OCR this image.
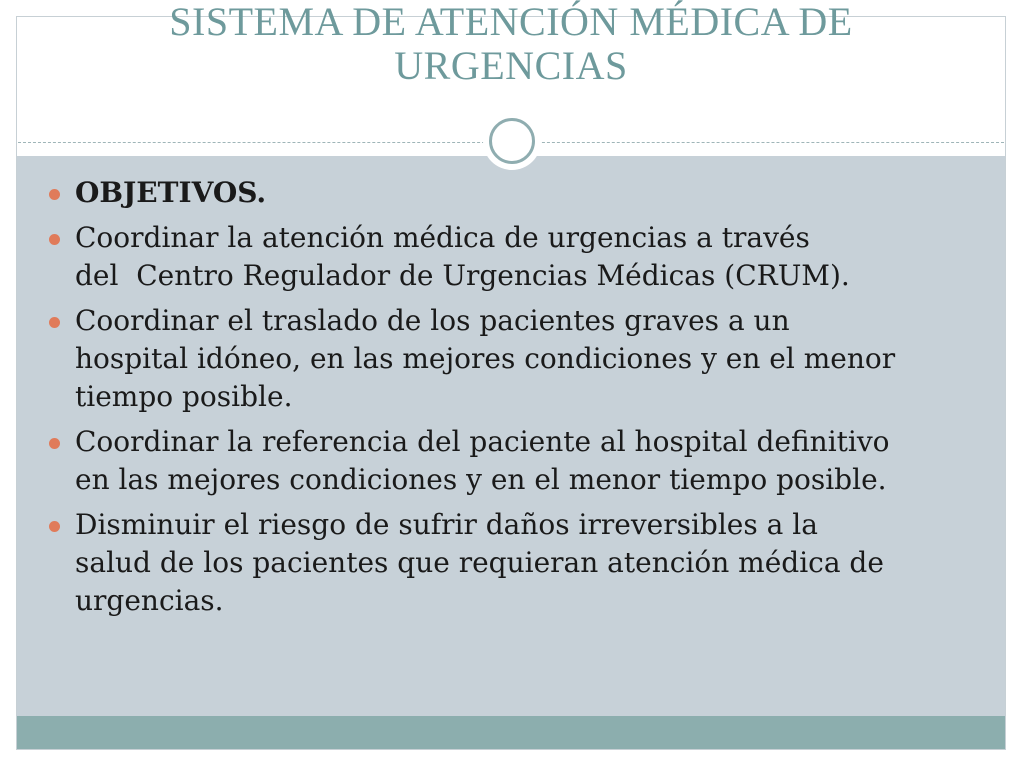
SISTEMA DE ATENCIÓN MÉDICA DE
URGENCIAS
OBJETIVOS.
Coordinar la atención médica de urgencias a través
del  Centro Regulador de Urgencias Médicas (CRUM).
Coordinar el traslado de los pacientes graves a un
hospital idóneo, en las mejores condiciones y en el menor
tiempo posible.
Coordinar la referencia del paciente al hospital definitivo
en las mejores condiciones y en el menor tiempo posible.
Disminuir el riesgo de sufrir daños irreversibles a la
salud de los pacientes que requieran atención médica de
urgencias.
